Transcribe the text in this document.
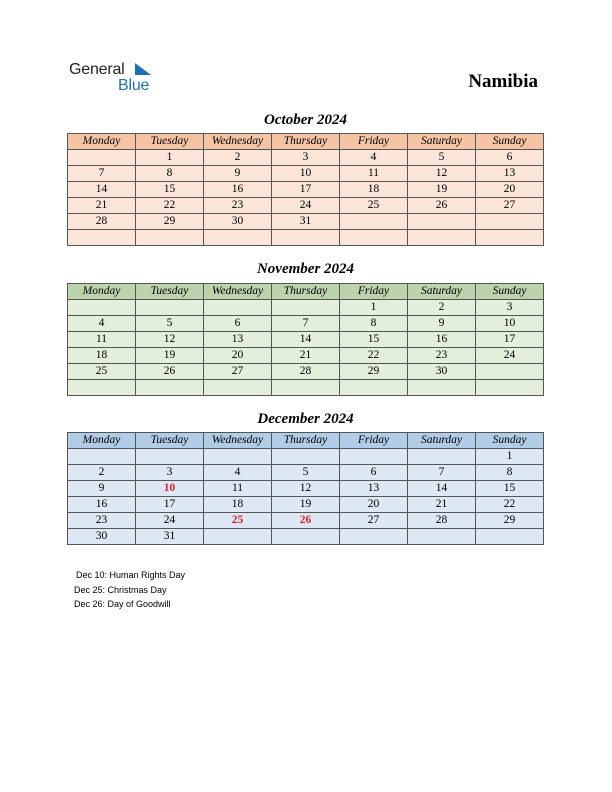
General
Blue	Namibia
October 2024
Monday	Tuesday	Wednesday	Thursday	Friday	Saturday	Sunday
	1	2	3	4	5	6
7	8	9	10	11	12	13
14	15	16	17	18	19	20
21	22	23	24	25	26	27
28	29	30	31			

November 2024
Monday	Tuesday	Wednesday	Thursday	Friday	Saturday	Sunday
				1	2	3
4	5	6	7	8	9	10
11	12	13	14	15	16	17
18	19	20	21	22	23	24
25	26	27	28	29	30	

December 2024
Monday	Tuesday	Wednesday	Thursday	Friday	Saturday	Sunday
						1
2	3	4	5	6	7	8
9	10	11	12	13	14	15
16	17	18	19	20	21	22
23	24	25	26	27	28	29
30	31					
Dec 10: Human Rights Day
Dec 25: Christmas Day
Dec 26: Day of Goodwill
